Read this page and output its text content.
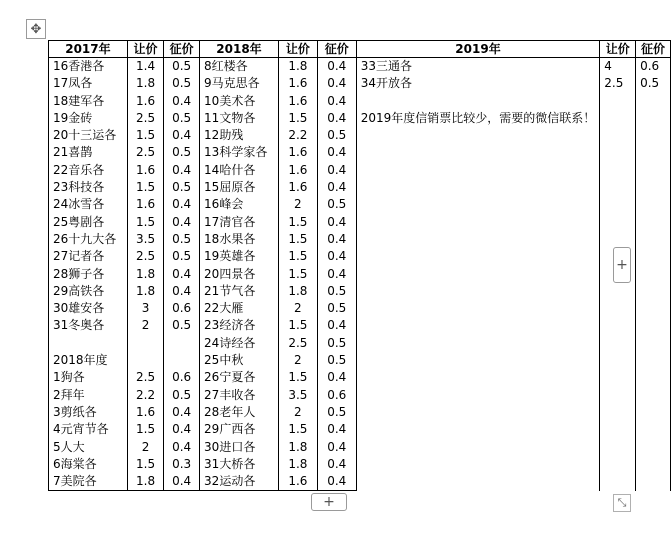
✥
2017年	让价	征价	2018年	让价	征价	2019年	让价	征价
16香港各	1.4	0.5	8红楼各	1.8	0.4	33三通各	4	0.6
17凤各	1.8	0.5	9马克思各	1.6	0.4	34开放各	2.5	0.5
18建军各	1.6	0.4	10美术各	1.6	0.4	2019年度信销票比较少，需要的微信联系！		

19金砖	2.5	0.5	11文物各	1.5	0.4			
20十三运各	1.5	0.4	12助残	2.2	0.5			
21喜鹊	2.5	0.5	13科学家各	1.6	0.4			
22音乐各	1.6	0.4	14哈什各	1.6	0.4			
23科技各	1.5	0.5	15屈原各	1.6	0.4			
24冰雪各	1.6	0.4	16峰会	2	0.5			
25粤剧各	1.5	0.4	17清官各	1.5	0.4			
26十九大各	3.5	0.5	18水果各	1.5	0.4			
27记者各	2.5	0.5	19英雄各	1.5	0.4			
28狮子各	1.8	0.4	20四景各	1.5	0.4			
29高铁各	1.8	0.4	21节气各	1.8	0.5			
30雄安各	3	0.6	22大雁	2	0.5			
31冬奥各	2	0.5	23经济各	1.5	0.4			
			24诗经各	2.5	0.5			
2018年度			25中秋	2	0.5			
1狗各	2.5	0.6	26宁夏各	1.5	0.4			
2拜年	2.2	0.5	27丰收各	3.5	0.6			
3剪纸各	1.6	0.4	28老年人	2	0.5			
4元宵节各	1.5	0.4	29广西各	1.5	0.4			
5人大	2	0.4	30进口各	1.8	0.4			
6海棠各	1.5	0.3	31大桥各	1.8	0.4			
7美院各	1.8	0.4	32运动各	1.6	0.4			
+
+	⤡
